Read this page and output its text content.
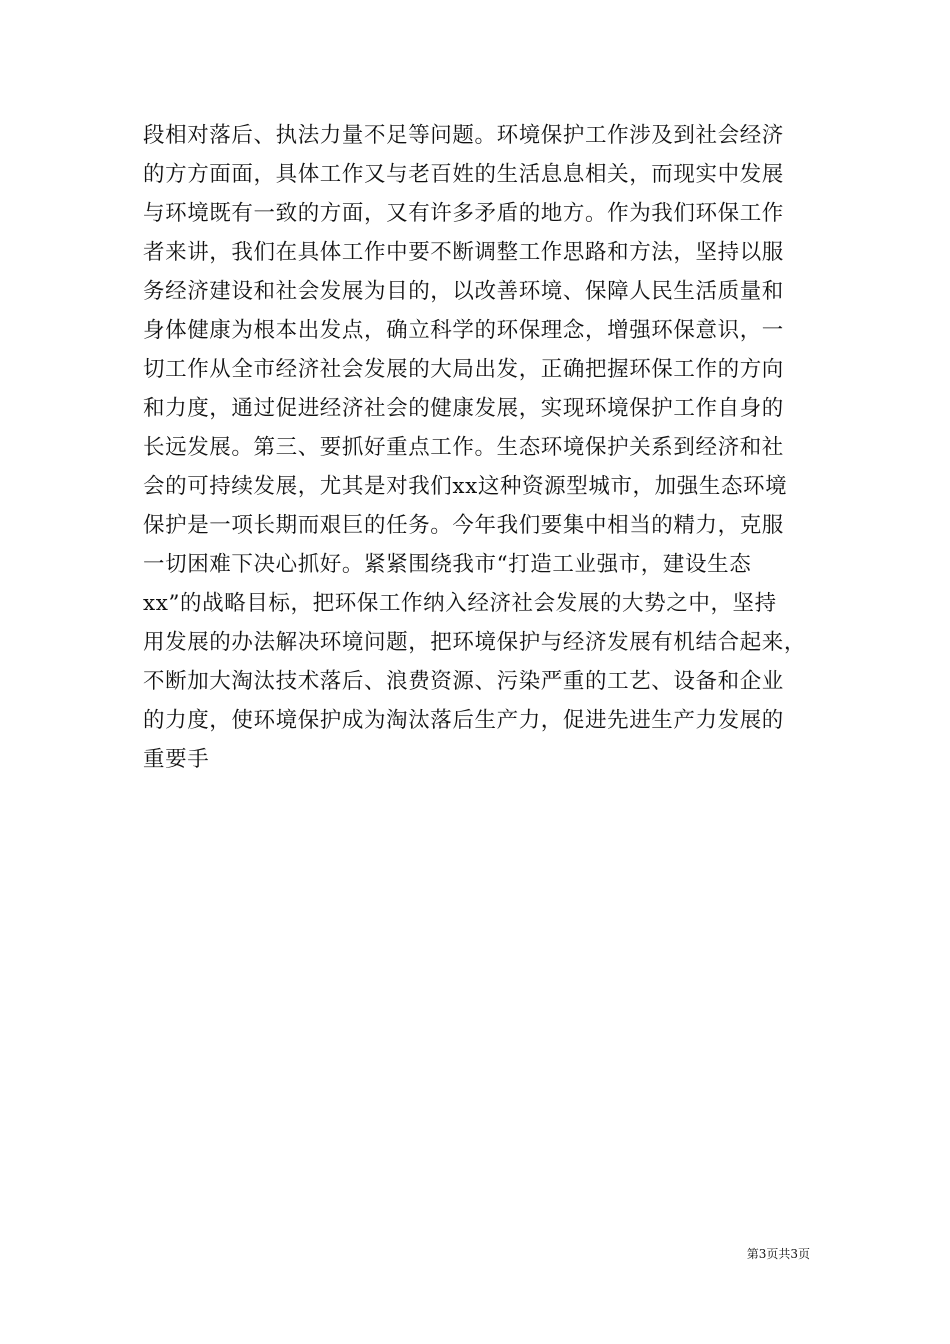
段相对落后、执法力量不足等问题。环境保护工作涉及到社会经济
的方方面面，具体工作又与老百姓的生活息息相关，而现实中发展
与环境既有一致的方面，又有许多矛盾的地方。作为我们环保工作
者来讲，我们在具体工作中要不断调整工作思路和方法，坚持以服
务经济建设和社会发展为目的，以改善环境、保障人民生活质量和
身体健康为根本出发点，确立科学的环保理念，增强环保意识，一
切工作从全市经济社会发展的大局出发，正确把握环保工作的方向
和力度，通过促进经济社会的健康发展，实现环境保护工作自身的
长远发展。第三、要抓好重点工作。生态环境保护关系到经济和社
会的可持续发展，尤其是对我们xx这种资源型城市，加强生态环境
保护是一项长期而艰巨的任务。今年我们要集中相当的精力，克服
一切困难下决心抓好。紧紧围绕我市“打造工业强市，建设生态
xx”的战略目标，把环保工作纳入经济社会发展的大势之中，坚持
用发展的办法解决环境问题，把环境保护与经济发展有机结合起来，
不断加大淘汰技术落后、浪费资源、污染严重的工艺、设备和企业
的力度，使环境保护成为淘汰落后生产力，促进先进生产力发展的
重要手
第3页共3页
